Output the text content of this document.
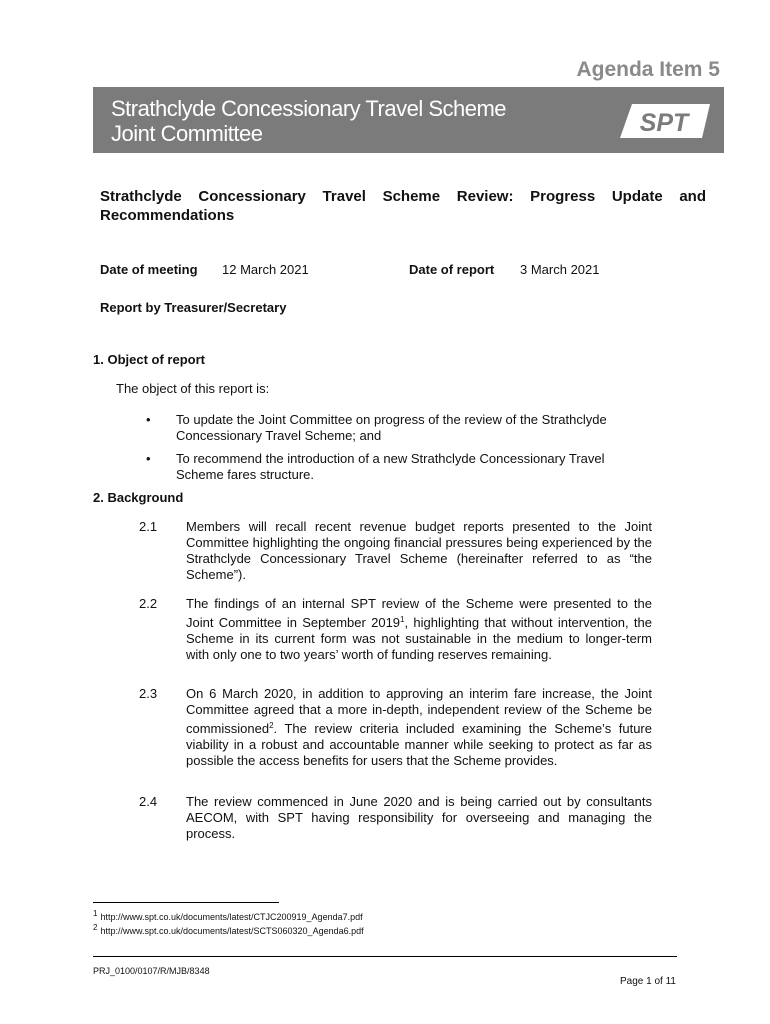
Agenda Item 5
Strathclyde Concessionary Travel Scheme
Joint Committee	SPT
Strathclyde Concessionary Travel Scheme Review: Progress Update and Recommendations
Date of meeting 12 March 2021	Date of report 3 March 2021
Report by Treasurer/Secretary
1. Object of report
The object of this report is:
• To update the Joint Committee on progress of the review of the Strathclyde Concessionary Travel Scheme; and
• To recommend the introduction of a new Strathclyde Concessionary Travel Scheme fares structure.
2. Background
2.1 Members will recall recent revenue budget reports presented to the Joint Committee highlighting the ongoing financial pressures being experienced by the Strathclyde Concessionary Travel Scheme (hereinafter referred to as “the Scheme”).
2.2 The findings of an internal SPT review of the Scheme were presented to the Joint Committee in September 2019$^1$, highlighting that without intervention, the Scheme in its current form was not sustainable in the medium to longer-term with only one to two years’ worth of funding reserves remaining.
2.3 On 6 March 2020, in addition to approving an interim fare increase, the Joint Committee agreed that a more in-depth, independent review of the Scheme be commissioned$^2$. The review criteria included examining the Scheme’s future viability in a robust and accountable manner while seeking to protect as far as possible the access benefits for users that the Scheme provides.
2.4 The review commenced in June 2020 and is being carried out by consultants AECOM, with SPT having responsibility for overseeing and managing the process.
$^1$ http://www.spt.co.uk/documents/latest/CTJC200919_Agenda7.pdf
$^2$ http://www.spt.co.uk/documents/latest/SCTS060320_Agenda6.pdf
PRJ_0100/0107/R/MJB/8348
Page 1 of 11
